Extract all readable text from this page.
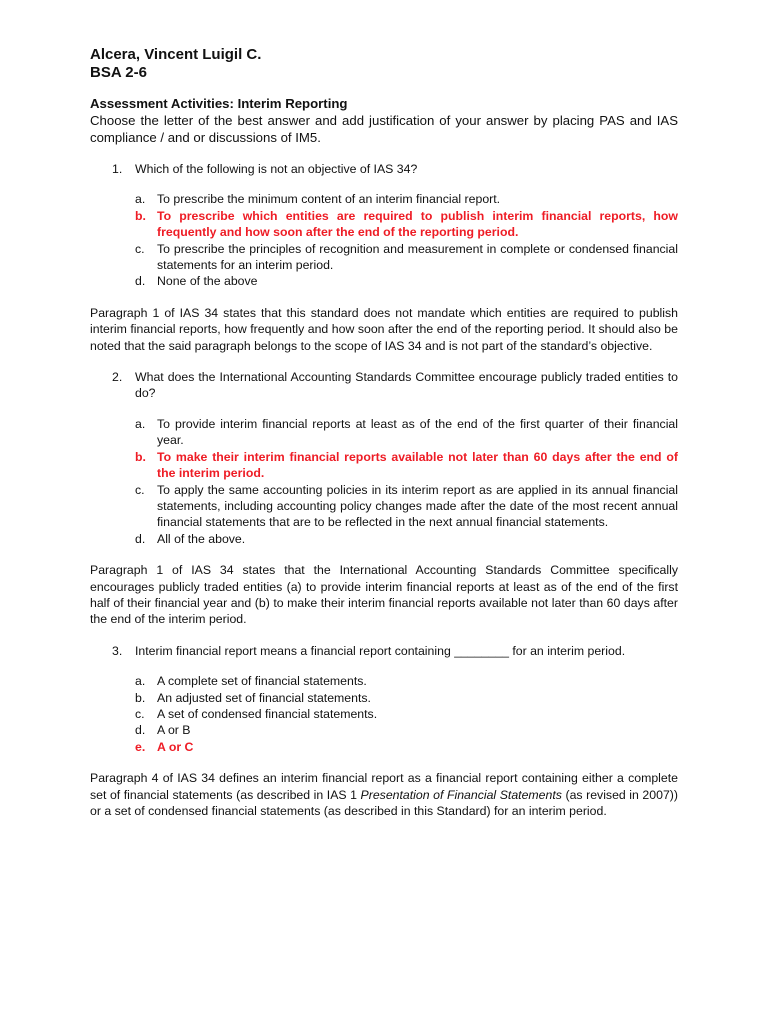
Alcera, Vincent Luigil C.
BSA 2-6
Assessment Activities: Interim Reporting
Choose the letter of the best answer and add justification of your answer by placing PAS and IAS compliance / and or discussions of IM5.
1. Which of the following is not an objective of IAS 34?
a. To prescribe the minimum content of an interim financial report.
b. To prescribe which entities are required to publish interim financial reports, how frequently and how soon after the end of the reporting period.
c. To prescribe the principles of recognition and measurement in complete or condensed financial statements for an interim period.
d. None of the above
Paragraph 1 of IAS 34 states that this standard does not mandate which entities are required to publish interim financial reports, how frequently and how soon after the end of the reporting period. It should also be noted that the said paragraph belongs to the scope of IAS 34 and is not part of the standard’s objective.
2. What does the International Accounting Standards Committee encourage publicly traded entities to do?
a. To provide interim financial reports at least as of the end of the first quarter of their financial year.
b. To make their interim financial reports available not later than 60 days after the end of the interim period.
c. To apply the same accounting policies in its interim report as are applied in its annual financial statements, including accounting policy changes made after the date of the most recent annual financial statements that are to be reflected in the next annual financial statements.
d. All of the above.
Paragraph 1 of IAS 34 states that the International Accounting Standards Committee specifically encourages publicly traded entities (a) to provide interim financial reports at least as of the end of the first half of their financial year and (b) to make their interim financial reports available not later than 60 days after the end of the interim period.
3. Interim financial report means a financial report containing ________ for an interim period.
a. A complete set of financial statements.
b. An adjusted set of financial statements.
c. A set of condensed financial statements.
d. A or B
e. A or C
Paragraph 4 of IAS 34 defines an interim financial report as a financial report containing either a complete set of financial statements (as described in IAS 1 Presentation of Financial Statements (as revised in 2007)) or a set of condensed financial statements (as described in this Standard) for an interim period.
